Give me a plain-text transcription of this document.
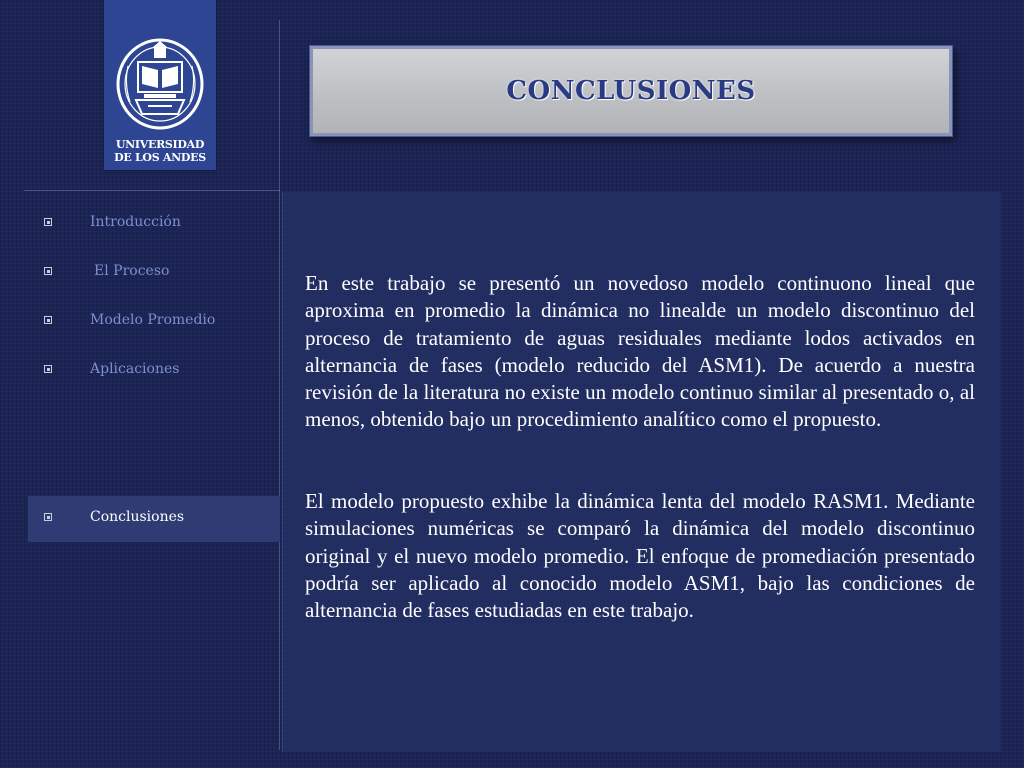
UNIVERSIDAD
DE LOS ANDES
CONCLUSIONES

En este trabajo se presentó un novedoso modelo continuono lineal que aproxima en promedio la dinámica no linealde un modelo discontinuo del proceso de tratamiento de aguas residuales mediante lodos activados en alternancia de fases (modelo reducido del ASM1). De acuerdo a nuestra revisión de la literatura no existe un modelo continuo similar al presentado o, al menos, obtenido bajo un procedimiento analítico como el propuesto.

El modelo propuesto exhibe la dinámica lenta del modelo RASM1. Mediante simulaciones numéricas se comparó la dinámica del modelo discontinuo original y el nuevo modelo promedio. El enfoque de promediación presentado podría ser aplicado al conocido modelo ASM1, bajo las condiciones de alternancia de fases estudiadas en este trabajo.

Introducción
El Proceso
Modelo Promedio
Aplicaciones
Conclusiones
